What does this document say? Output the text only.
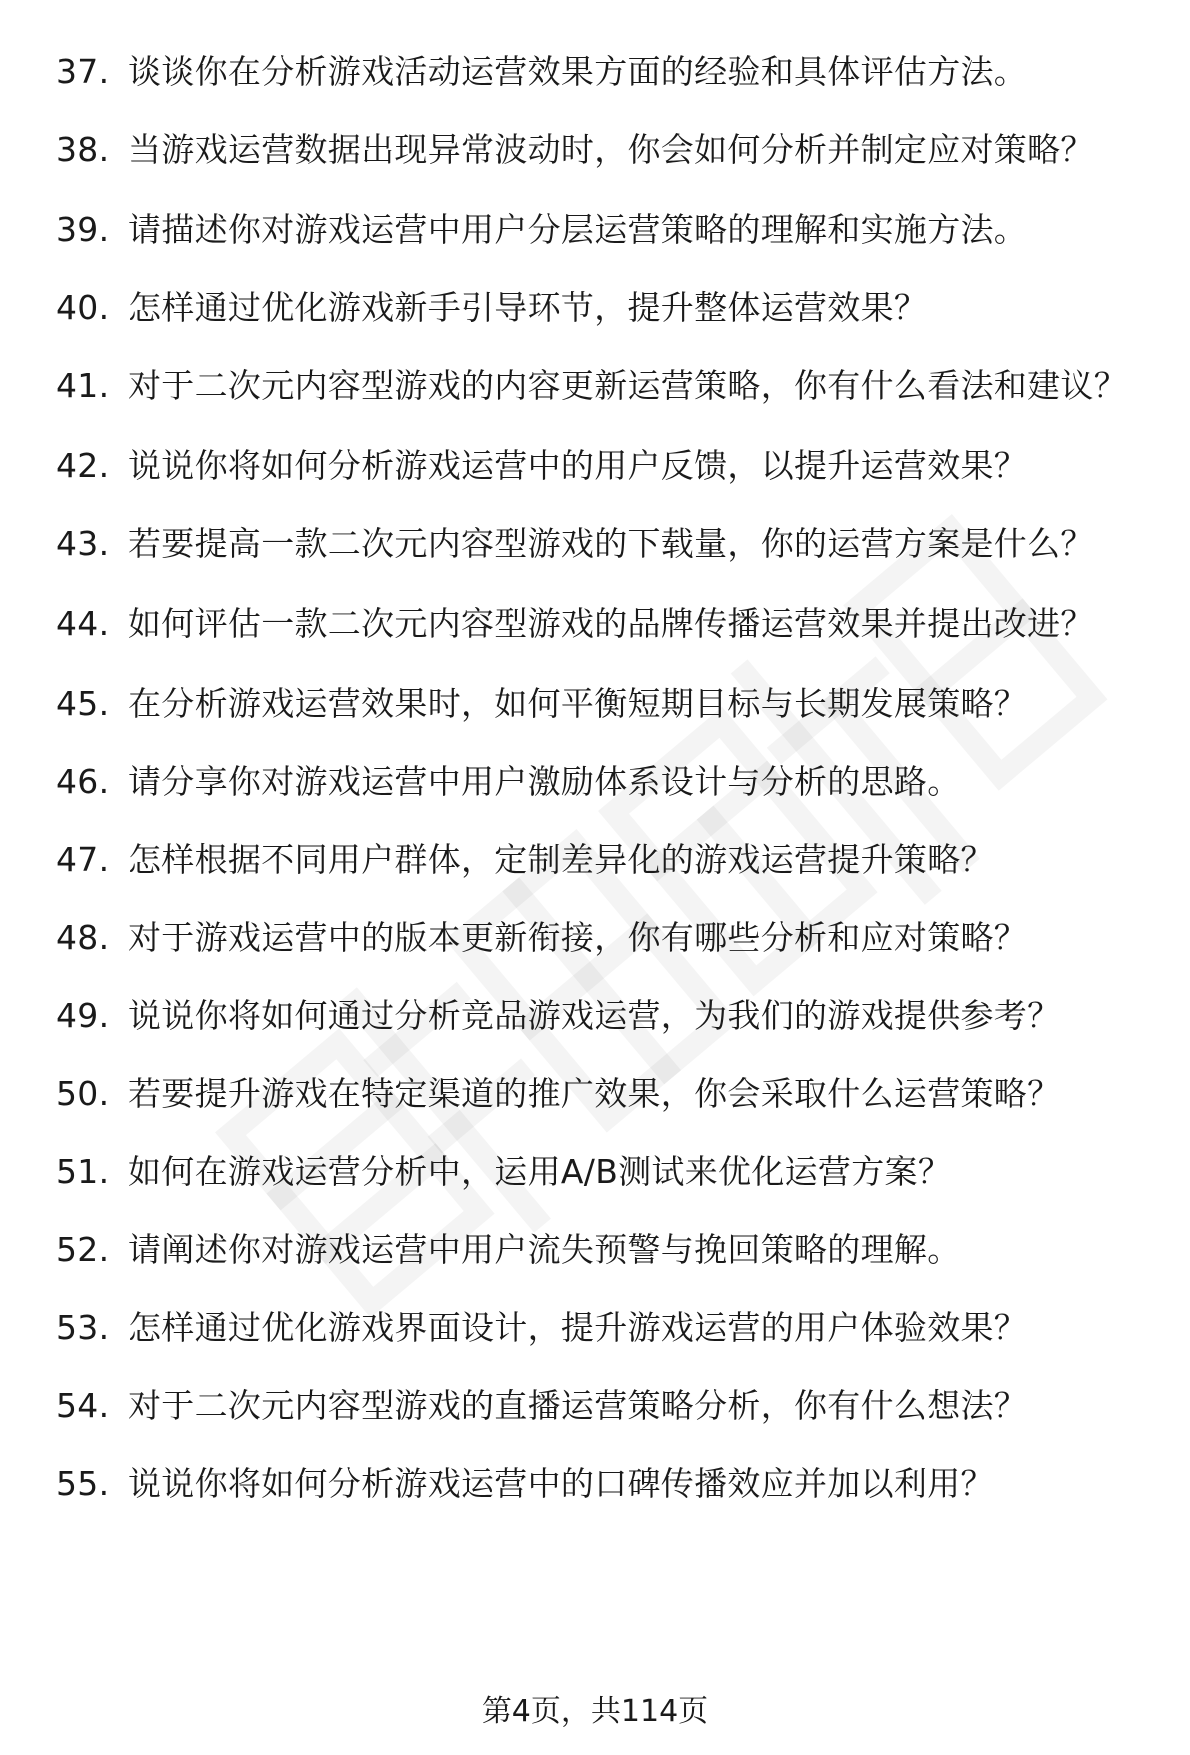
37. 谈谈你在分析游戏活动运营效果方面的经验和具体评估方法。
38. 当游戏运营数据出现异常波动时，你会如何分析并制定应对策略？
39. 请描述你对游戏运营中用户分层运营策略的理解和实施方法。
40. 怎样通过优化游戏新手引导环节，提升整体运营效果？
41. 对于二次元内容型游戏的内容更新运营策略，你有什么看法和建议？
42. 说说你将如何分析游戏运营中的用户反馈，以提升运营效果？
43. 若要提高一款二次元内容型游戏的下载量，你的运营方案是什么？
44. 如何评估一款二次元内容型游戏的品牌传播运营效果并提出改进？
45. 在分析游戏运营效果时，如何平衡短期目标与长期发展策略？
46. 请分享你对游戏运营中用户激励体系设计与分析的思路。
47. 怎样根据不同用户群体，定制差异化的游戏运营提升策略？
48. 对于游戏运营中的版本更新衔接，你有哪些分析和应对策略？
49. 说说你将如何通过分析竞品游戏运营，为我们的游戏提供参考？
50. 若要提升游戏在特定渠道的推广效果，你会采取什么运营策略？
51. 如何在游戏运营分析中，运用A/B测试来优化运营方案？
52. 请阐述你对游戏运营中用户流失预警与挽回策略的理解。
53. 怎样通过优化游戏界面设计，提升游戏运营的用户体验效果？
54. 对于二次元内容型游戏的直播运营策略分析，你有什么想法？
55. 说说你将如何分析游戏运营中的口碑传播效应并加以利用？
第4页，共114页
